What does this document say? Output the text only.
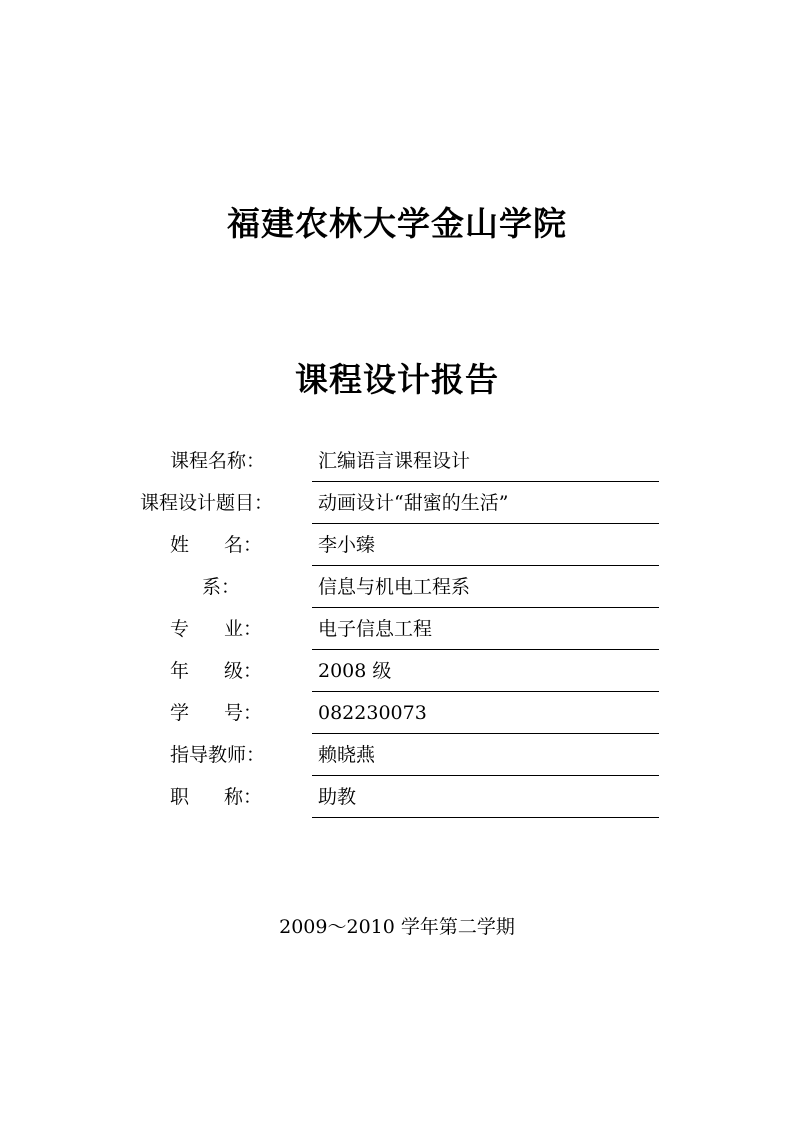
福建农林大学金山学院
课程设计报告
课程名称：	汇编语言课程设计
课程设计题目：	动画设计“甜蜜的生活”
姓 名：	李小臻
系：	信息与机电工程系
专 业：	电子信息工程
年 级：	2008 级
学 号：	082230073
指导教师：	赖晓燕
职 称：	助教
2009～2010 学年第二学期
